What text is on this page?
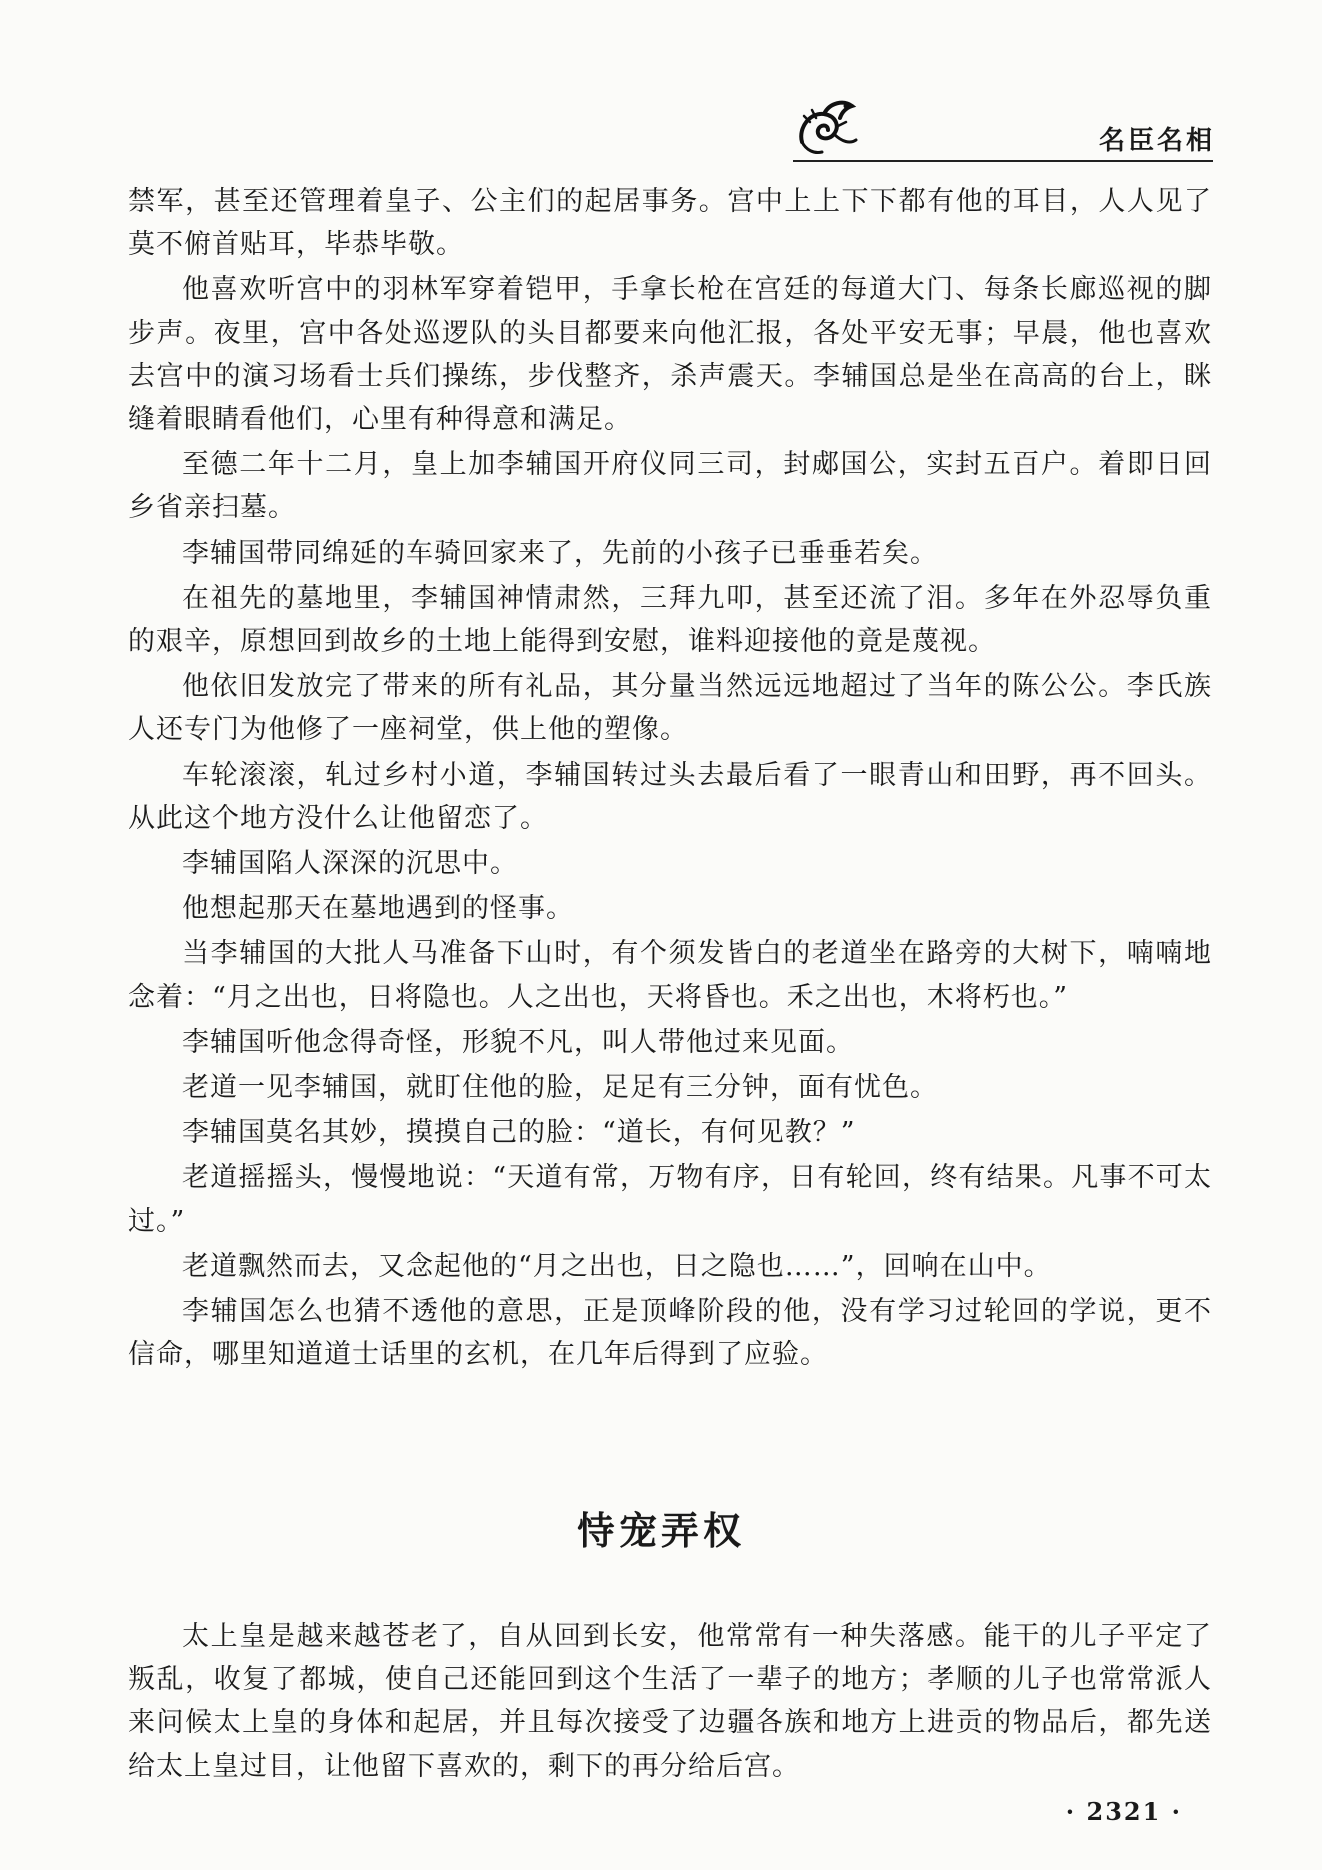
名臣名相

禁军，甚至还管理着皇子、公主们的起居事务。宫中上上下下都有他的耳目，人人见了莫不俯首贴耳，毕恭毕敬。

他喜欢听宫中的羽林军穿着铠甲，手拿长枪在宫廷的每道大门、每条长廊巡视的脚步声。夜里，宫中各处巡逻队的头目都要来向他汇报，各处平安无事；早晨，他也喜欢去宫中的演习场看士兵们操练，步伐整齐，杀声震天。李辅国总是坐在高高的台上，眯缝着眼睛看他们，心里有种得意和满足。

至德二年十二月，皇上加李辅国开府仪同三司，封郕国公，实封五百户。着即日回乡省亲扫墓。

李辅国带同绵延的车骑回家来了，先前的小孩子已垂垂若矣。

在祖先的墓地里，李辅国神情肃然，三拜九叩，甚至还流了泪。多年在外忍辱负重的艰辛，原想回到故乡的土地上能得到安慰，谁料迎接他的竟是蔑视。

他依旧发放完了带来的所有礼品，其分量当然远远地超过了当年的陈公公。李氏族人还专门为他修了一座祠堂，供上他的塑像。

车轮滚滚，轧过乡村小道，李辅国转过头去最后看了一眼青山和田野，再不回头。从此这个地方没什么让他留恋了。

李辅国陷人深深的沉思中。

他想起那天在墓地遇到的怪事。

当李辅国的大批人马准备下山时，有个须发皆白的老道坐在路旁的大树下，喃喃地念着：“月之出也，日将隐也。人之出也，天将昏也。禾之出也，木将朽也。”

李辅国听他念得奇怪，形貌不凡，叫人带他过来见面。

老道一见李辅国，就盯住他的脸，足足有三分钟，面有忧色。

李辅国莫名其妙，摸摸自己的脸：“道长，有何见教？”

老道摇摇头，慢慢地说：“天道有常，万物有序，日有轮回，终有结果。凡事不可太过。”

老道飘然而去，又念起他的“月之出也，日之隐也……”，回响在山中。

李辅国怎么也猜不透他的意思，正是顶峰阶段的他，没有学习过轮回的学说，更不信命，哪里知道道士话里的玄机，在几年后得到了应验。

恃宠弄权

太上皇是越来越苍老了，自从回到长安，他常常有一种失落感。能干的儿子平定了叛乱，收复了都城，使自己还能回到这个生活了一辈子的地方；孝顺的儿子也常常派人来问候太上皇的身体和起居，并且每次接受了边疆各族和地方上进贡的物品后，都先送给太上皇过目，让他留下喜欢的，剩下的再分给后宫。

· 2321 ·
